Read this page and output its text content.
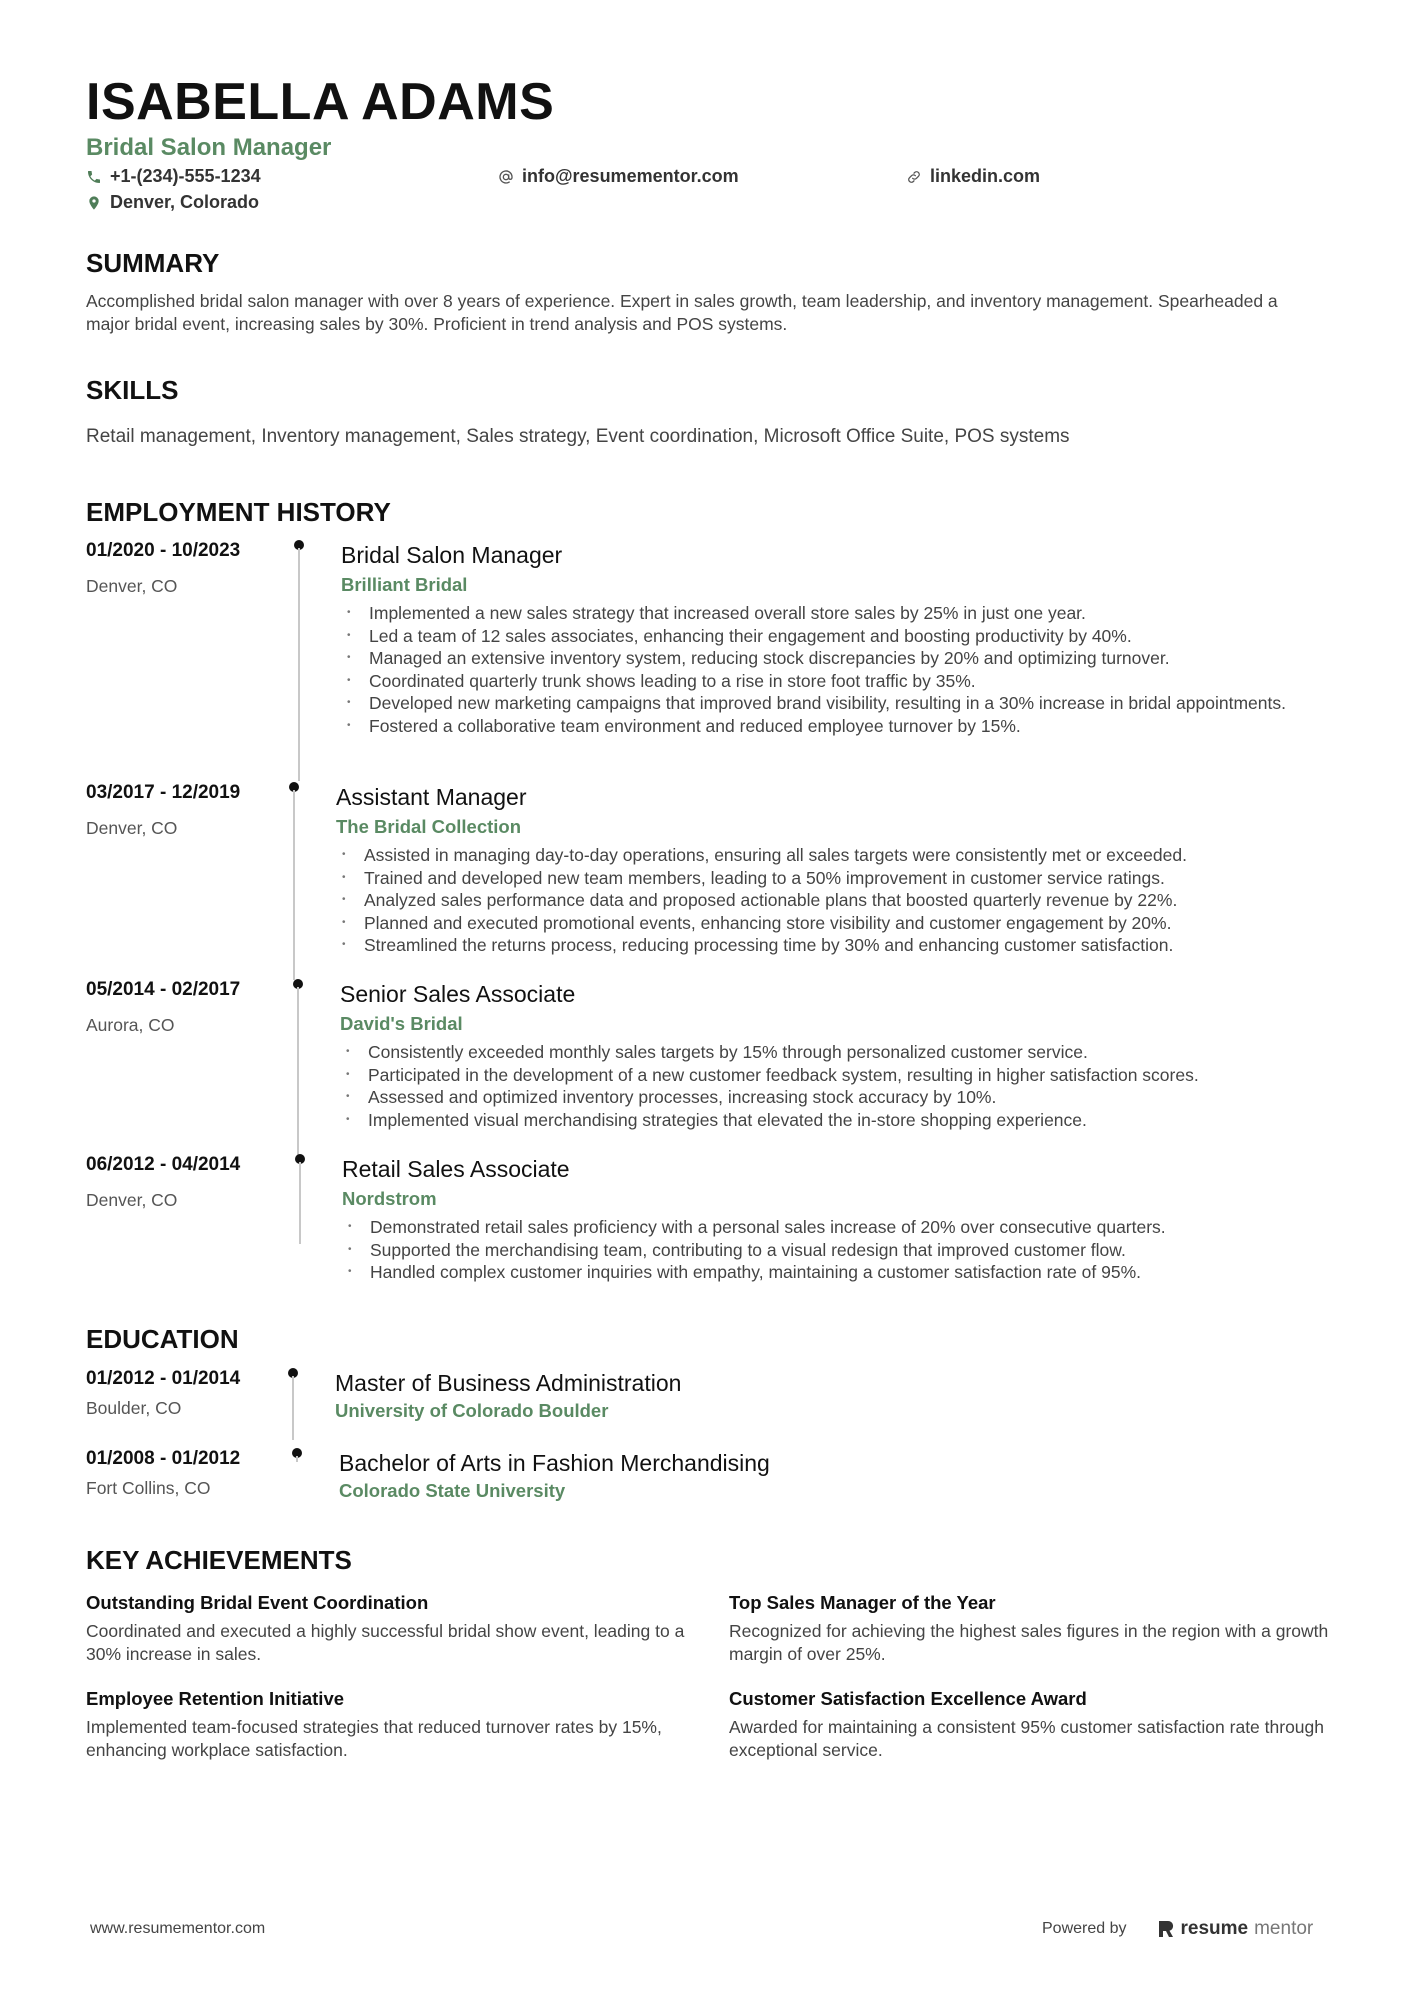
ISABELLA ADAMS
Bridal Salon Manager
+1-(234)-555-1234	info@resumementor.com	linkedin.com
Denver, Colorado
SUMMARY
Accomplished bridal salon manager with over 8 years of experience. Expert in sales growth, team leadership, and inventory management. Spearheaded a major bridal event, increasing sales by 30%. Proficient in trend analysis and POS systems.
SKILLS
Retail management, Inventory management, Sales strategy, Event coordination, Microsoft Office Suite, POS systems
EMPLOYMENT HISTORY
01/2020 - 10/2023
Denver, CO
Bridal Salon Manager
Brilliant Bridal
• Implemented a new sales strategy that increased overall store sales by 25% in just one year.
• Led a team of 12 sales associates, enhancing their engagement and boosting productivity by 40%.
• Managed an extensive inventory system, reducing stock discrepancies by 20% and optimizing turnover.
• Coordinated quarterly trunk shows leading to a rise in store foot traffic by 35%.
• Developed new marketing campaigns that improved brand visibility, resulting in a 30% increase in bridal appointments.
• Fostered a collaborative team environment and reduced employee turnover by 15%.
03/2017 - 12/2019
Denver, CO
Assistant Manager
The Bridal Collection
• Assisted in managing day-to-day operations, ensuring all sales targets were consistently met or exceeded.
• Trained and developed new team members, leading to a 50% improvement in customer service ratings.
• Analyzed sales performance data and proposed actionable plans that boosted quarterly revenue by 22%.
• Planned and executed promotional events, enhancing store visibility and customer engagement by 20%.
• Streamlined the returns process, reducing processing time by 30% and enhancing customer satisfaction.
05/2014 - 02/2017
Aurora, CO
Senior Sales Associate
David's Bridal
• Consistently exceeded monthly sales targets by 15% through personalized customer service.
• Participated in the development of a new customer feedback system, resulting in higher satisfaction scores.
• Assessed and optimized inventory processes, increasing stock accuracy by 10%.
• Implemented visual merchandising strategies that elevated the in-store shopping experience.
06/2012 - 04/2014
Denver, CO
Retail Sales Associate
Nordstrom
• Demonstrated retail sales proficiency with a personal sales increase of 20% over consecutive quarters.
• Supported the merchandising team, contributing to a visual redesign that improved customer flow.
• Handled complex customer inquiries with empathy, maintaining a customer satisfaction rate of 95%.
EDUCATION
01/2012 - 01/2014
Boulder, CO
Master of Business Administration
University of Colorado Boulder
01/2008 - 01/2012
Fort Collins, CO
Bachelor of Arts in Fashion Merchandising
Colorado State University
KEY ACHIEVEMENTS
Outstanding Bridal Event Coordination
Coordinated and executed a highly successful bridal show event, leading to a 30% increase in sales.
Top Sales Manager of the Year
Recognized for achieving the highest sales figures in the region with a growth margin of over 25%.
Employee Retention Initiative
Implemented team-focused strategies that reduced turnover rates by 15%, enhancing workplace satisfaction.
Customer Satisfaction Excellence Award
Awarded for maintaining a consistent 95% customer satisfaction rate through exceptional service.
www.resumementor.com	Powered by	resume mentor
